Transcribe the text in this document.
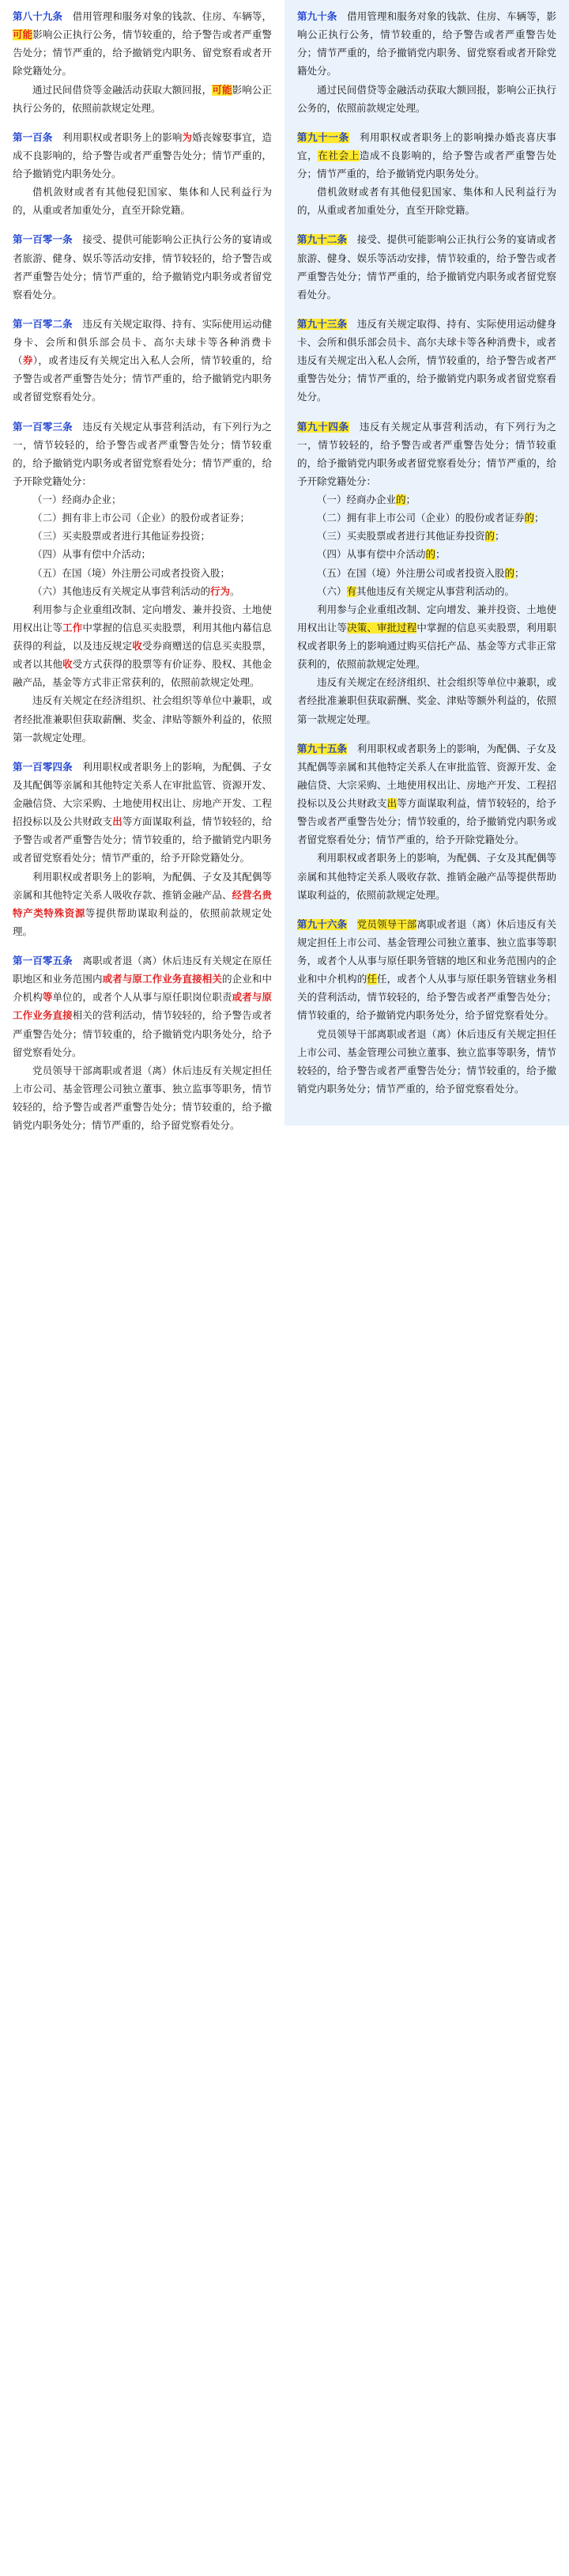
第八十九条　借用管理和服务对象的钱款、住房、车辆等，可能影响公正执行公务，情节较重的，给予警告或者严重警告处分；情节严重的，给予撤销党内职务、留党察看或者开除党籍处分。
通过民间借贷等金融活动获取大额回报，可能影响公正执行公务的，依照前款规定处理。
第一百条　利用职权或者职务上的影响为婚丧嫁娶事宜，造成不良影响的，给予警告或者严重警告处分；情节严重的，给予撤销党内职务处分。
借机敛财或者有其他侵犯国家、集体和人民利益行为的，从重或者加重处分，直至开除党籍。
第一百零一条　接受、提供可能影响公正执行公务的宴请或者旅游、健身、娱乐等活动安排，情节较轻的，给予警告或者严重警告处分；情节严重的，给予撤销党内职务或者留党察看处分。
第一百零二条　违反有关规定取得、持有、实际使用运动健身卡、会所和俱乐部会员卡、高尔夫球卡等各种消费卡（券），或者违反有关规定出入私人会所，情节较重的，给予警告或者严重警告处分；情节严重的，给予撤销党内职务或者留党察看处分。
第一百零三条　违反有关规定从事营利活动，有下列行为之一，情节较轻的，给予警告或者严重警告处分；情节较重的，给予撤销党内职务或者留党察看处分；情节严重的，给予开除党籍处分：
（一）经商办企业；
（二）拥有非上市公司（企业）的股份或者证券；
（三）买卖股票或者进行其他证券投资；
（四）从事有偿中介活动；
（五）在国（境）外注册公司或者投资入股；
（六）其他违反有关规定从事营利活动的行为。
利用参与企业重组改制、定向增发、兼并投资、土地使用权出让等工作中掌握的信息买卖股票，利用其他内幕信息获得的利益，以及违反规定收受券商赠送的信息买卖股票，或者以其他收受方式获得的股票等有价证券、股权、其他金融产品，基金等方式非正常获利的，依照前款规定处理。
违反有关规定在经济组织、社会组织等单位中兼职，或者经批准兼职但获取薪酬、奖金、津贴等额外利益的，依照第一款规定处理。
第一百零四条　利用职权或者职务上的影响，为配偶、子女及其配偶等亲属和其他特定关系人在审批监管、资源开发、金融信贷、大宗采购、土地使用权出让、房地产开发、工程招投标以及公共财政支出等方面谋取利益，情节较轻的，给予警告或者严重警告处分；情节较重的，给予撤销党内职务或者留党察看处分；情节严重的，给予开除党籍处分。
利用职权或者职务上的影响，为配偶、子女及其配偶等亲属和其他特定关系人吸收存款、推销金融产品、经营名贵特产类特殊资源等提供帮助谋取利益的，依照前款规定处理。
第一百零五条　离职或者退（离）休后违反有关规定在原任职地区和业务范围内或者与原工作业务直接相关的企业和中介机构等单位的，或者个人从事与原任职岗位职责或者与原工作业务直接相关的营利活动，情节较轻的，给予警告或者严重警告处分；情节较重的，给予撤销党内职务处分，给予留党察看处分。
党员领导干部离职或者退（离）休后违反有关规定担任上市公司、基金管理公司独立董事、独立监事等职务，情节较轻的，给予警告或者严重警告处分；情节较重的，给予撤销党内职务处分；情节严重的，给予留党察看处分。
第九十条　借用管理和服务对象的钱款、住房、车辆等，影响公正执行公务，情节较重的，给予警告或者严重警告处分；情节严重的，给予撤销党内职务、留党察看或者开除党籍处分。
通过民间借贷等金融活动获取大额回报，影响公正执行公务的，依照前款规定处理。
第九十一条　利用职权或者职务上的影响操办婚丧喜庆事宜，在社会上造成不良影响的，给予警告或者严重警告处分；情节严重的，给予撤销党内职务处分。
借机敛财或者有其他侵犯国家、集体和人民利益行为的，从重或者加重处分，直至开除党籍。
第九十二条　接受、提供可能影响公正执行公务的宴请或者旅游、健身、娱乐等活动安排，情节较重的，给予警告或者严重警告处分；情节严重的，给予撤销党内职务或者留党察看处分。
第九十三条　违反有关规定取得、持有、实际使用运动健身卡、会所和俱乐部会员卡、高尔夫球卡等各种消费卡，或者违反有关规定出入私人会所，情节较重的，给予警告或者严重警告处分；情节严重的，给予撤销党内职务或者留党察看处分。
第九十四条　违反有关规定从事营利活动，有下列行为之一，情节较轻的，给予警告或者严重警告处分；情节较重的，给予撤销党内职务或者留党察看处分；情节严重的，给予开除党籍处分：
（一）经商办企业的；
（二）拥有非上市公司（企业）的股份或者证券的；
（三）买卖股票或者进行其他证券投资的；
（四）从事有偿中介活动的；
（五）在国（境）外注册公司或者投资入股的；
（六）有其他违反有关规定从事营利活动的。
利用参与企业重组改制、定向增发、兼并投资、土地使用权出让等决策、审批过程中掌握的信息买卖股票，利用职权或者职务上的影响通过购买信托产品、基金等方式非正常获利的，依照前款规定处理。
违反有关规定在经济组织、社会组织等单位中兼职，或者经批准兼职但获取薪酬、奖金、津贴等额外利益的，依照第一款规定处理。
第九十五条　利用职权或者职务上的影响，为配偶、子女及其配偶等亲属和其他特定关系人在审批监管、资源开发、金融信贷、大宗采购、土地使用权出让、房地产开发、工程招投标以及公共财政支出等方面谋取利益，情节较轻的，给予警告或者严重警告处分；情节较重的，给予撤销党内职务或者留党察看处分；情节严重的，给予开除党籍处分。
利用职权或者职务上的影响，为配偶、子女及其配偶等亲属和其他特定关系人吸收存款、推销金融产品等提供帮助谋取利益的，依照前款规定处理。
第九十六条　 党员领导干部离职或者退（离）休后违反有关规定担任上市公司、基金管理公司独立董事、独立监事等职务，或者个人从事与原任职务管辖的地区和业务范围内的企业和中介机构的任任，或者个人从事与原任职务管辖业务相关的营利活动，情节较轻的，给予警告或者严重警告处分；情节较重的，给予撤销党内职务处分，给予留党察看处分。
党员领导干部离职或者退（离）休后违反有关规定担任上市公司、基金管理公司独立董事、独立监事等职务，情节较轻的，给予警告或者严重警告处分；情节较重的，给予撤销党内职务处分；情节严重的，给予留党察看处分。
